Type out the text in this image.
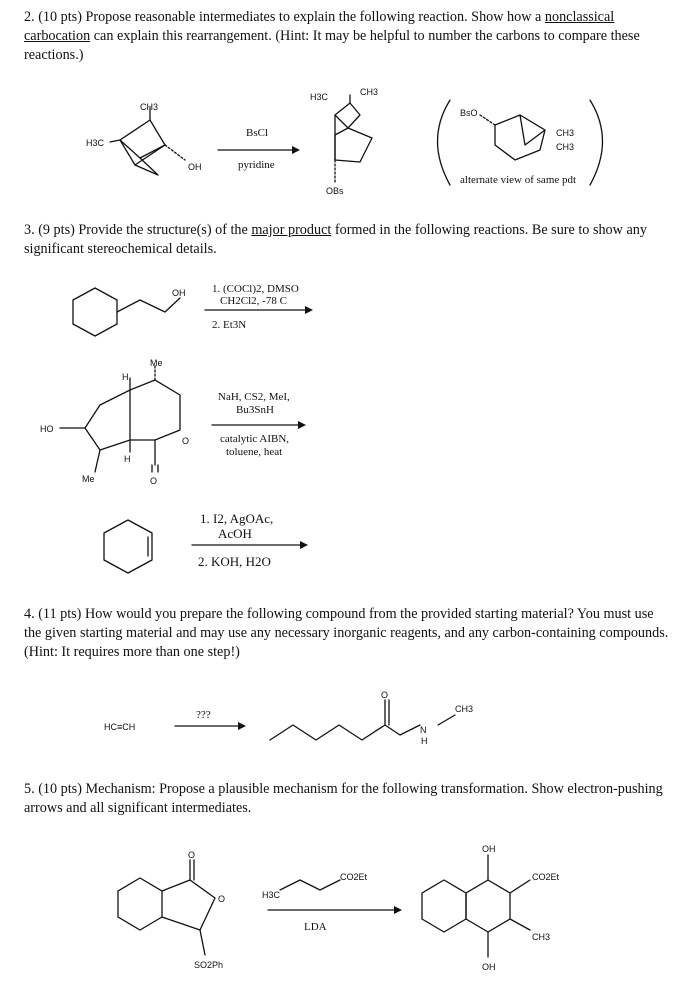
2. (10 pts) Propose reasonable intermediates to explain the following reaction. Show how a nonclassical carbocation can explain this rearrangement. (Hint: It may be helpful to number the carbons to compare these reactions.)
3. (9 pts) Provide the structure(s) of the major product formed in the following reactions. Be sure to show any significant stereochemical details.
4. (11 pts) How would you prepare the following compound from the provided starting material? You must use the given starting material and may use any necessary inorganic reagents, and any carbon-containing compounds. (Hint: It requires more than one step!)
5. (10 pts) Mechanism: Propose a plausible mechanism for the following transformation. Show electron-pushing arrows and all significant intermediates.
CH3
H3C
OH
BsCl
pyridine
H3C	CH3
OBs
BsO
CH3
CH3
alternate view of same pdt
OH 1. (COCl)2, DMSO
CH2Cl2, -78 C
2. Et3N
Me
H
HO
Me
H
O
O
NaH, CS2, MeI,
Bu3SnH
catalytic AIBN,
toluene, heat
1. I2, AgOAc,
AcOH
2. KOH, H2O
HC≡CH
???
O
N
H
CH3
O
O
SO2Ph
H3C
CO2Et
LDA
OH
CO2Et
CH3
OH
